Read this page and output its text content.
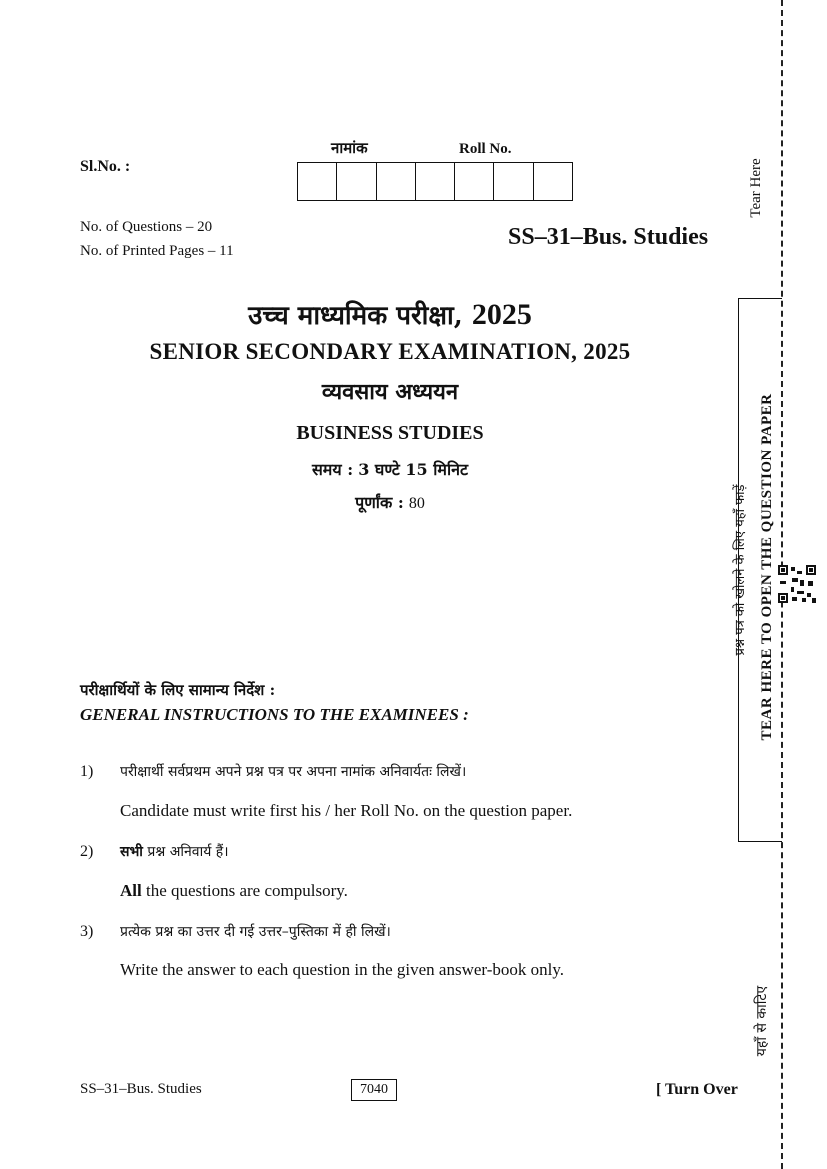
Tear Here
प्रश्न पत्र को खोलने के लिए यहाँ फाड़ें TEAR HERE TO OPEN THE QUESTION PAPER
यहाँ से काटिए
Sl.No. :
नामांक	Roll No.
No. of Questions – 20
No. of Printed Pages – 11
SS–31–Bus. Studies
उच्च माध्यमिक परीक्षा, 2025
SENIOR SECONDARY EXAMINATION, 2025
व्यवसाय अध्ययन
BUSINESS STUDIES
समय : 3 घण्टे 15 मिनिट
पूर्णांक : 80
परीक्षार्थियों के लिए सामान्य निर्देश :
GENERAL INSTRUCTIONS TO THE EXAMINEES :
1) परीक्षार्थी सर्वप्रथम अपने प्रश्न पत्र पर अपना नामांक अनिवार्यतः लिखें।
Candidate must write first his / her Roll No. on the question paper.
2) सभी प्रश्न अनिवार्य हैं।
All the questions are compulsory.
3) प्रत्येक प्रश्न का उत्तर दी गई उत्तर–पुस्तिका में ही लिखें।
Write the answer to each question in the given answer-book only.
SS–31–Bus. Studies	7040	[ Turn Over
